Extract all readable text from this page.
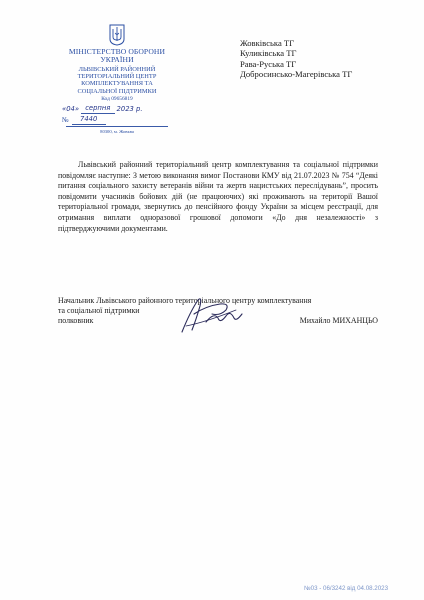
МІНІСТЕРСТВО ОБОРОНИ
УКРАЇНИ
ЛЬВІВСЬКИЙ РАЙОННИЙ
ТЕРИТОРІАЛЬНИЙ ЦЕНТР
КОМПЛЕКТУВАННЯ ТА
СОЦІАЛЬНОЇ ПІДТРИМКИ
Код 09656819
«04»
серпня
2023 р.
№	7440
80300, м. Жовква
Жовківська ТГ
Куликівська ТГ
Рава-Руська ТГ
Добросинсько-Магерівська ТГ
Львівський районний територіальний центр комплектування та соціальної підтримки повідомляє наступне: З метою виконання вимог Постанови КМУ від 21.07.2023 № 754 “Деякі питання соціального захисту ветеранів війни та жертв нацистських переслідувань”, просить повідомити учасників бойових дій (не працюючих) які проживають на території Вашої територіальної громади, звернутись до пенсійного фонду України за місцем реєстрації, для отримання виплати одноразової грошової допомоги «До дня незалежності» з підтверджуючими документами.
Начальник Львівського районного територіального центру комплектування
та соціальної підтримки
полковник	Михайло МИХАНЦЬО
№03 - 06/3242 від 04.08.2023
